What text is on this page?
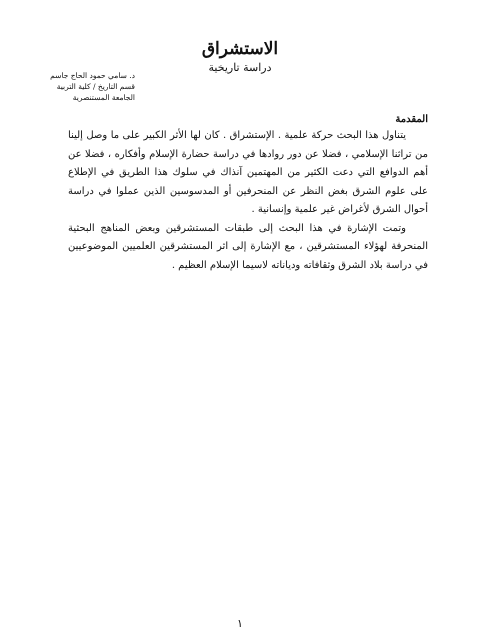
الاستشراق
دراسة تاريخية
د. سامي حمود الحاج جاسم
قسم التاريخ / كلية التربية
الجامعة المستنصرية
المقدمة

يتناول هذا البحث حركة علمية . الإستشراق . كان لها الأثر الكبير على ما وصل إلينا من تراثنا الإسلامي ، فضلا عن دور روادها في دراسة حضارة الإسلام وأفكاره ، فضلا عن أهم الدوافع التي دعت الكثير من المهتمين آنذاك في سلوك هذا الطريق في الإطلاع على علوم الشرق بغض النظر عن المنحرفين أو المدسوسين الذين عملوا في دراسة أحوال الشرق لأغراض غير علمية وإنسانية .

وتمت الإشارة في هذا البحث إلى طبقات المستشرقين وبعض المناهج البحثية المنحرفة لهؤلاء المستشرقين ، مع الإشارة إلى اثر المستشرقين العلميين الموضوعيين في دراسة بلاد الشرق وثقافاته ودياناته لاسيما الإسلام العظيم .

١
